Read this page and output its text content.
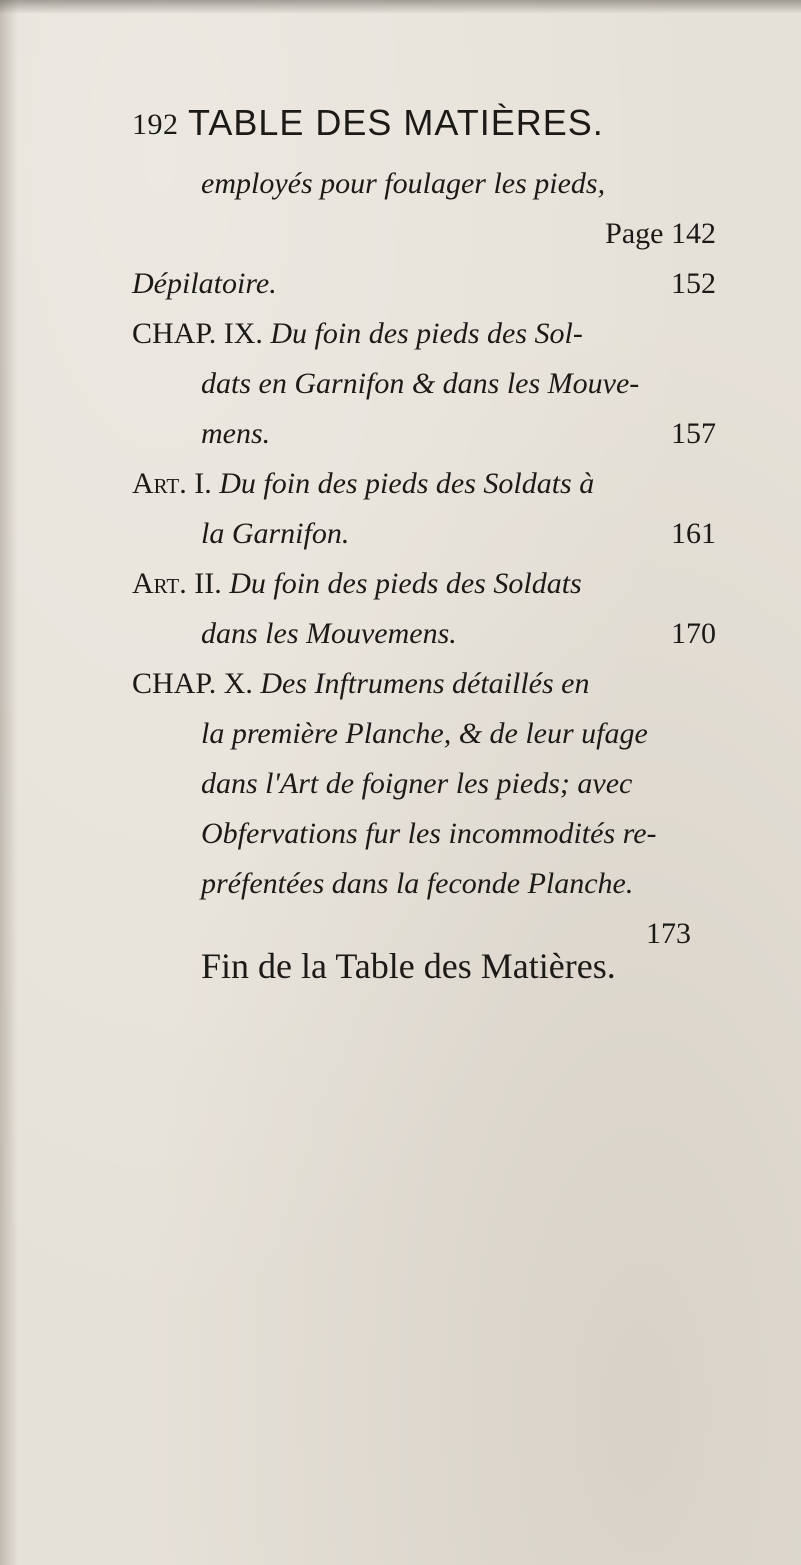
192 TABLE DES MATIÈRES.
employés pour foulager les pieds,
Page 142
Dépilatoire.	152
CHAP. IX. Du foin des pieds des Sol-
dats en Garnifon & dans les Mouve-
mens.	157
Art. I. Du foin des pieds des Soldats à
la Garnifon.	161
Art. II. Du foin des pieds des Soldats
dans les Mouvemens.	170
CHAP. X. Des Inftrumens détaillés en
la première Planche, & de leur ufage
dans l'Art de foigner les pieds; avec
Obfervations fur les incommodités re-
préfentées dans la feconde Planche.
173
Fin de la Table des Matières.
